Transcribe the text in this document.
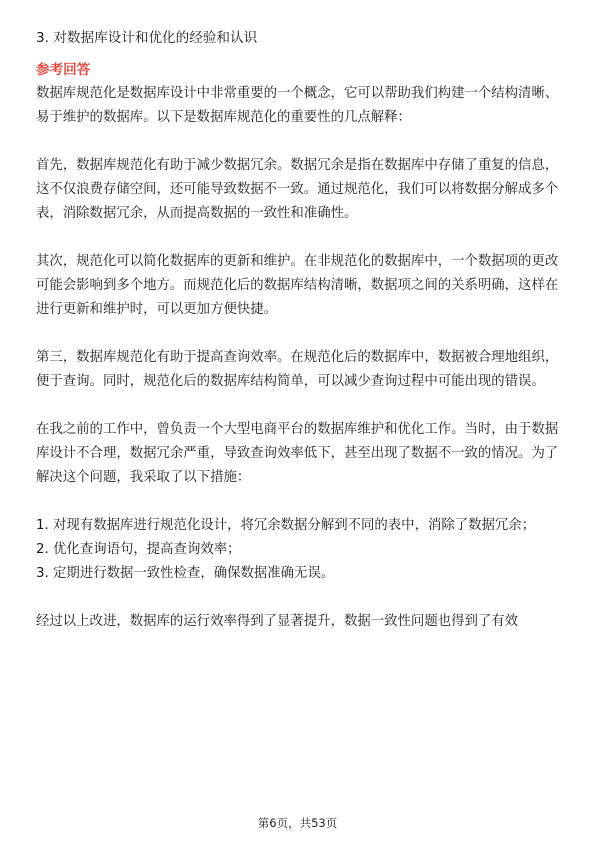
3. 对数据库设计和优化的经验和认识

参考回答

数据库规范化是数据库设计中非常重要的一个概念，它可以帮助我们构建一个结构清晰、易于维护的数据库。以下是数据库规范化的重要性的几点解释：

首先，数据库规范化有助于减少数据冗余。数据冗余是指在数据库中存储了重复的信息，这不仅浪费存储空间，还可能导致数据不一致。通过规范化，我们可以将数据分解成多个表，消除数据冗余，从而提高数据的一致性和准确性。

其次，规范化可以简化数据库的更新和维护。在非规范化的数据库中，一个数据项的更改可能会影响到多个地方。而规范化后的数据库结构清晰，数据项之间的关系明确，这样在进行更新和维护时，可以更加方便快捷。

第三，数据库规范化有助于提高查询效率。在规范化后的数据库中，数据被合理地组织，便于查询。同时，规范化后的数据库结构简单，可以减少查询过程中可能出现的错误。

在我之前的工作中，曾负责一个大型电商平台的数据库维护和优化工作。当时，由于数据库设计不合理，数据冗余严重，导致查询效率低下，甚至出现了数据不一致的情况。为了解决这个问题，我采取了以下措施：

1. 对现有数据库进行规范化设计，将冗余数据分解到不同的表中，消除了数据冗余；

2. 优化查询语句，提高查询效率；

3. 定期进行数据一致性检查，确保数据准确无误。

经过以上改进，数据库的运行效率得到了显著提升，数据一致性问题也得到了有效

第6页，共53页
